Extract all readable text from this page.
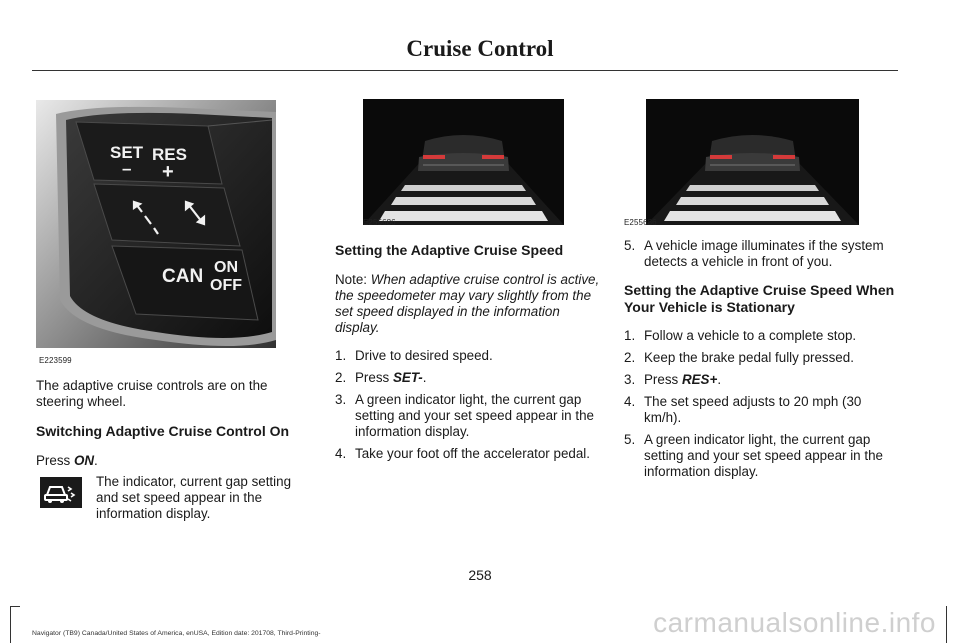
Cruise Control
SET
–
RES
+
CAN ON
OFF
E223599

The adaptive cruise controls are on the steering wheel.

Switching Adaptive Cruise Control On

Press ON.

The indicator, current gap setting and set speed appear in the information display.
E255686

Setting the Adaptive Cruise Speed

Note: When adaptive cruise control is active, the speedometer may vary slightly from the set speed displayed in the information display.

1. Drive to desired speed.
2. Press SET-.
3. A green indicator light, the current gap setting and your set speed appear in the information display.
4. Take your foot off the accelerator pedal.
E255686
5. A vehicle image illuminates if the system detects a vehicle in front of you.

Setting the Adaptive Cruise Speed When Your Vehicle is Stationary

1. Follow a vehicle to a complete stop.
2. Keep the brake pedal fully pressed.
3. Press RES+.
4. The set speed adjusts to 20 mph (30 km/h).
5. A green indicator light, the current gap setting and your set speed appear in the information display.
258
Navigator (TB9) Canada/United States of America, enUSA, Edition date: 201708, Third-Printing-	carmanualsonline.info
